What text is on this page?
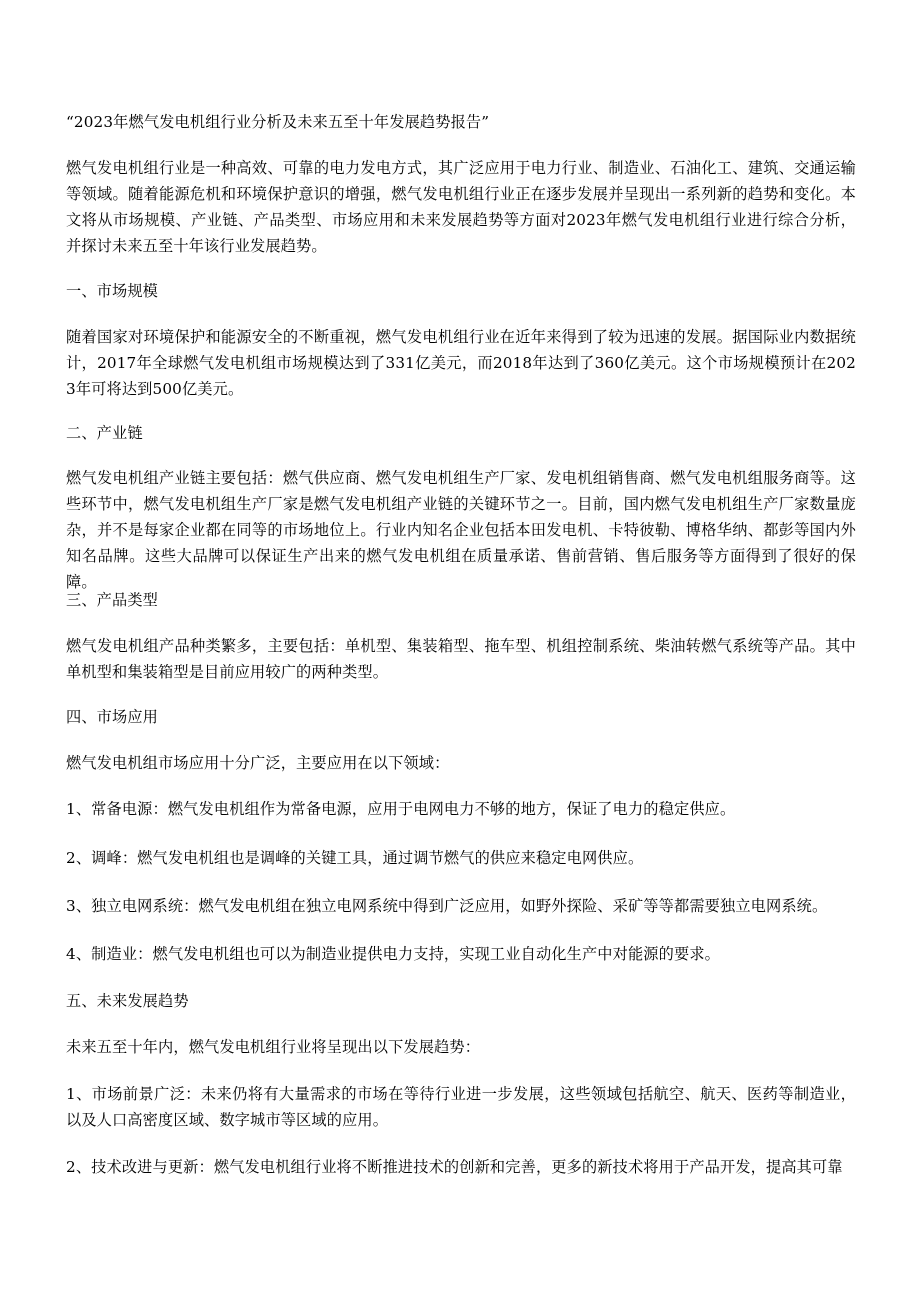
“2023年燃气发电机组行业分析及未来五至十年发展趋势报告”

燃气发电机组行业是一种高效、可靠的电力发电方式，其广泛应用于电力行业、制造业、石油化工、建筑、交通运输等领域。随着能源危机和环境保护意识的增强，燃气发电机组行业正在逐步发展并呈现出一系列新的趋势和变化。本文将从市场规模、产业链、产品类型、市场应用和未来发展趋势等方面对2023年燃气发电机组行业进行综合分析，并探讨未来五至十年该行业发展趋势。

一、市场规模

随着国家对环境保护和能源安全的不断重视，燃气发电机组行业在近年来得到了较为迅速的发展。据国际业内数据统计，2017年全球燃气发电机组市场规模达到了331亿美元，而2018年达到了360亿美元。这个市场规模预计在2023年可将达到500亿美元。

二、产业链

燃气发电机组产业链主要包括：燃气供应商、燃气发电机组生产厂家、发电机组销售商、燃气发电机组服务商等。这些环节中，燃气发电机组生产厂家是燃气发电机组产业链的关键环节之一。目前，国内燃气发电机组生产厂家数量庞杂，并不是每家企业都在同等的市场地位上。行业内知名企业包括本田发电机、卡特彼勒、博格华纳、都彭等国内外知名品牌。这些大品牌可以保证生产出来的燃气发电机组在质量承诺、售前营销、售后服务等方面得到了很好的保障。

三、产品类型

燃气发电机组产品种类繁多，主要包括：单机型、集装箱型、拖车型、机组控制系统、柴油转燃气系统等产品。其中单机型和集装箱型是目前应用较广的两种类型。

四、市场应用

燃气发电机组市场应用十分广泛，主要应用在以下领域：

1、常备电源：燃气发电机组作为常备电源，应用于电网电力不够的地方，保证了电力的稳定供应。

2、调峰：燃气发电机组也是调峰的关键工具，通过调节燃气的供应来稳定电网供应。

3、独立电网系统：燃气发电机组在独立电网系统中得到广泛应用，如野外探险、采矿等等都需要独立电网系统。

4、制造业：燃气发电机组也可以为制造业提供电力支持，实现工业自动化生产中对能源的要求。

五、未来发展趋势

未来五至十年内，燃气发电机组行业将呈现出以下发展趋势：

1、市场前景广泛：未来仍将有大量需求的市场在等待行业进一步发展，这些领域包括航空、航天、医药等制造业，以及人口高密度区域、数字城市等区域的应用。

2、技术改进与更新：燃气发电机组行业将不断推进技术的创新和完善，更多的新技术将用于产品开发，提高其可靠
